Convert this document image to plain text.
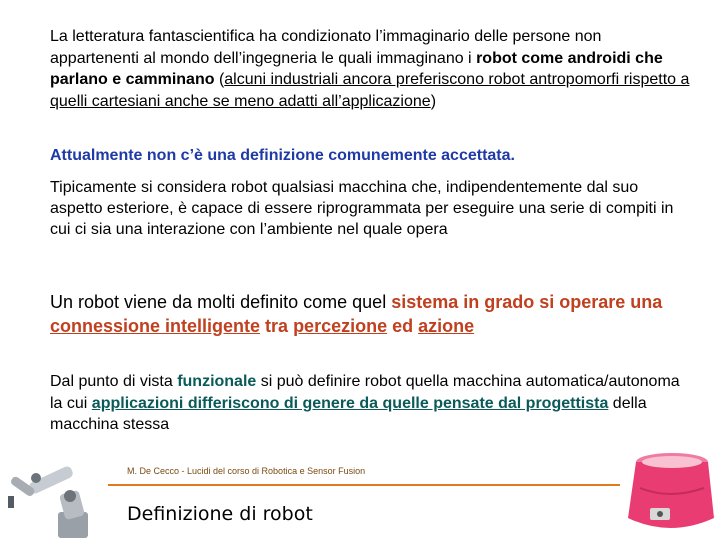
La letteratura fantascientifica ha condizionato l’immaginario delle persone non appartenenti al mondo dell’ingegneria le quali immaginano i robot come androidi che parlano e camminano (alcuni industriali ancora preferiscono robot antropomorfi rispetto a quelli cartesiani anche se meno adatti all’applicazione)

Attualmente non c’è una definizione comunemente accettata.

Tipicamente si considera robot qualsiasi macchina che, indipendentemente dal suo aspetto esteriore, è capace di essere riprogrammata per eseguire una serie di compiti in cui ci sia una interazione con l’ambiente nel quale opera

Un robot viene da molti definito come quel sistema in grado si operare una connessione intelligente tra percezione ed azione

Dal punto di vista funzionale si può definire robot quella macchina automatica/autonoma la cui applicazioni differiscono di genere da quelle pensate dal progettista della macchina stessa

M. De Cecco - Lucidi del corso di Robotica e Sensor Fusion
Definizione di robot
